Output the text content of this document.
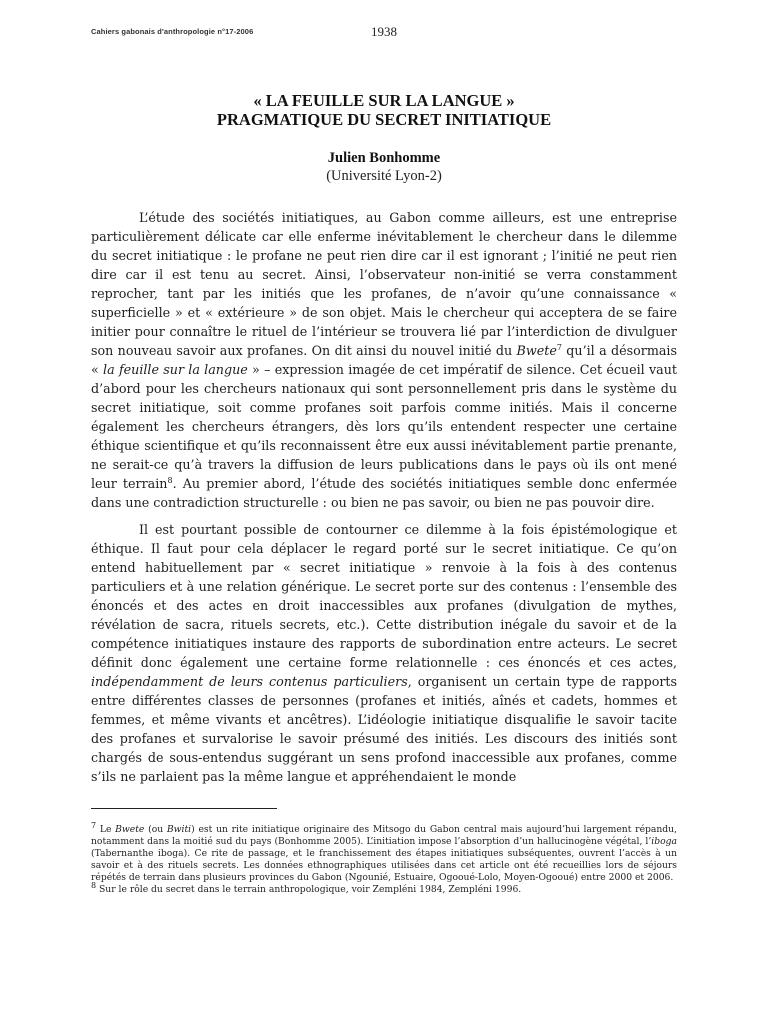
Cahiers gabonais d'anthropologie n°17-2006	1938
« LA FEUILLE SUR LA LANGUE »
PRAGMATIQUE DU SECRET INITIATIQUE
Julien Bonhomme
(Université Lyon-2)

L’étude des sociétés initiatiques, au Gabon comme ailleurs, est une entreprise particulièrement délicate car elle enferme inévitablement le chercheur dans le dilemme du secret initiatique : le profane ne peut rien dire car il est ignorant ; l’initié ne peut rien dire car il est tenu au secret. Ainsi, l’observateur non-initié se verra constamment reprocher, tant par les initiés que les profanes, de n’avoir qu’une connaissance « superficielle » et « extérieure » de son objet. Mais le chercheur qui acceptera de se faire initier pour connaître le rituel de l’intérieur se trouvera lié par l’interdiction de divulguer son nouveau savoir aux profanes. On dit ainsi du nouvel initié du Bwete$^7$ qu’il a désormais « la feuille sur la langue » – expression imagée de cet impératif de silence. Cet écueil vaut d’abord pour les chercheurs nationaux qui sont personnellement pris dans le système du secret initiatique, soit comme profanes soit parfois comme initiés. Mais il concerne également les chercheurs étrangers, dès lors qu’ils entendent respecter une certaine éthique scientifique et qu’ils reconnaissent être eux aussi inévitablement partie prenante, ne serait-ce qu’à travers la diffusion de leurs publications dans le pays où ils ont mené leur terrain$^8$. Au premier abord, l’étude des sociétés initiatiques semble donc enfermée dans une contradiction structurelle : ou bien ne pas savoir, ou bien ne pas pouvoir dire.

Il est pourtant possible de contourner ce dilemme à la fois épistémologique et éthique. Il faut pour cela déplacer le regard porté sur le secret initiatique. Ce qu’on entend habituellement par « secret initiatique » renvoie à la fois à des contenus particuliers et à une relation générique. Le secret porte sur des contenus : l’ensemble des énoncés et des actes en droit inaccessibles aux profanes (divulgation de mythes, révélation de sacra, rituels secrets, etc.). Cette distribution inégale du savoir et de la compétence initiatiques instaure des rapports de subordination entre acteurs. Le secret définit donc également une certaine forme relationnelle : ces énoncés et ces actes, indépendamment de leurs contenus particuliers, organisent un certain type de rapports entre différentes classes de personnes (profanes et initiés, aînés et cadets, hommes et femmes, et même vivants et ancêtres). L’idéologie initiatique disqualifie le savoir tacite des profanes et survalorise le savoir présumé des initiés. Les discours des initiés sont chargés de sous-entendus suggérant un sens profond inaccessible aux profanes, comme s’ils ne parlaient pas la même langue et appréhendaient le monde

$^7$ Le Bwete (ou Bwiti) est un rite initiatique originaire des Mitsogo du Gabon central mais aujourd’hui largement répandu, notamment dans la moitié sud du pays (Bonhomme 2005). L’initiation impose l’absorption d’un hallucinogène végétal, l’iboga (Tabernanthe iboga). Ce rite de passage, et le franchissement des étapes initiatiques subséquentes, ouvrent l’accès à un savoir et à des rituels secrets. Les données ethnographiques utilisées dans cet article ont été recueillies lors de séjours répétés de terrain dans plusieurs provinces du Gabon (Ngounié, Estuaire, Ogooué-Lolo, Moyen-Ogooué) entre 2000 et 2006.

$^8$ Sur le rôle du secret dans le terrain anthropologique, voir Zempléni 1984, Zempléni 1996.
